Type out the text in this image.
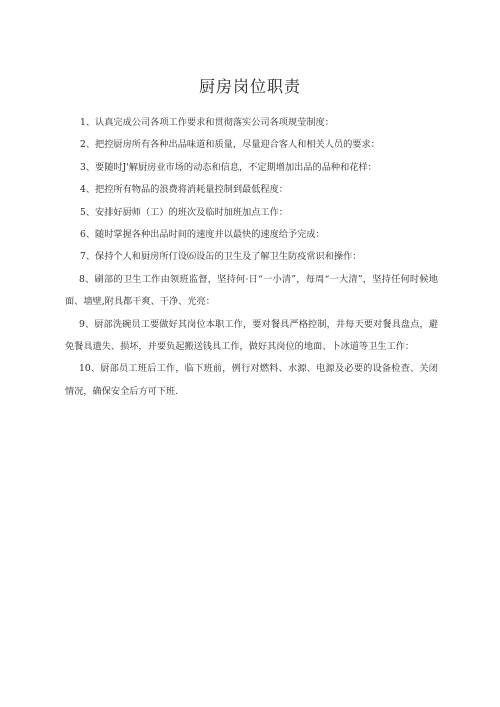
厨房岗位职责

1、认真完成公司各项工作要求和贯彻落实公司各项规莹制度：

2、把控厨房所有各种出品味道和质量，尽量迎合客人和相关人员的要求：

3、要随时J'解厨房业市场的动态和信息，不定期增加出品的品种和花样：

4、把控所有物品的浪费将消耗量控制到最低程度：

5、安排好厨师（工）的班次及临时加班加点工作：

6、随时掌握各种出品时间的速度并以最快的速度给予完成：

7、保持个人和厨房所仃设⑹设缶的卫生及了解卫生防疫常识和操作：

8、刷部的卫生工作由领班监督，坚持何·日“一小清”，每周“一大清”，坚持任何时候地面、墙壁,附具都干爽、干净、光亮：

9、厨部洗碗员工要做好其岗位本职工作，要对餐具严格控制，井每天要对餐具盘点，避免餐具遗失、损坏，并要负起搬送钱具工作，做好其岗位的地面、卜冰道等卫生工作：

10、厨部员工班后工作，临下班前，例行对燃料、水源、电源及必要的设备检查、关闭情况，确保安全后方可下班.
